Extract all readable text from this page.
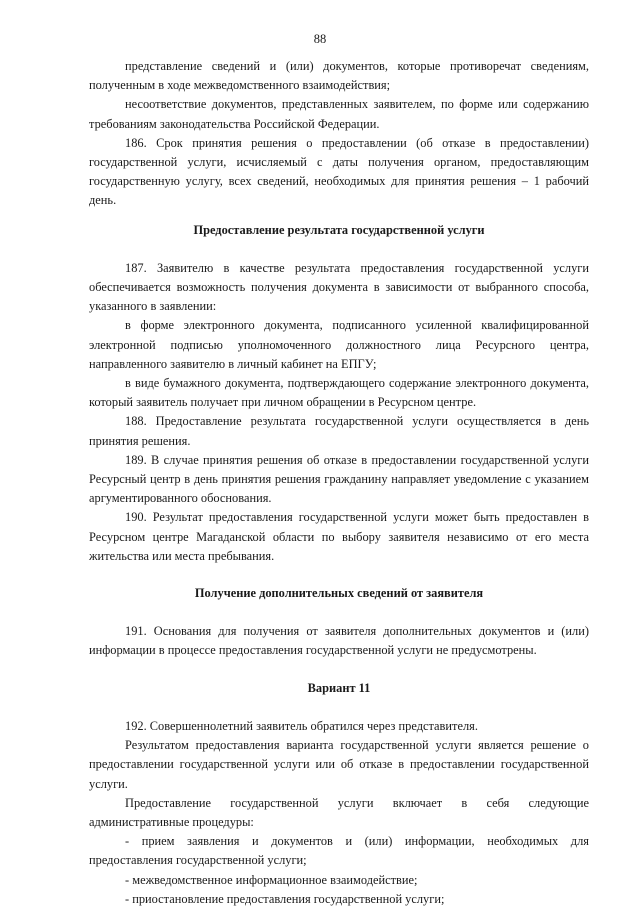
88

представление сведений и (или) документов, которые противоречат сведениям, полученным в ходе межведомственного взаимодействия;

несоответствие документов, представленных заявителем, по форме или содержанию требованиям законодательства Российской Федерации.

186. Срок принятия решения о предоставлении (об отказе в предоставлении) государственной услуги, исчисляемый с даты получения органом, предоставляющим государственную услугу, всех сведений, необходимых для принятия решения – 1 рабочий день.

Предоставление результата государственной услуги

187. Заявителю в качестве результата предоставления государственной услуги обеспечивается возможность получения документа в зависимости от выбранного способа, указанного в заявлении:

в форме электронного документа, подписанного усиленной квалифицированной электронной подписью уполномоченного должностного лица Ресурсного центра, направленного заявителю в личный кабинет на ЕПГУ;

в виде бумажного документа, подтверждающего содержание электронного документа, который заявитель получает при личном обращении в Ресурсном центре.

188. Предоставление результата государственной услуги осуществляется в день принятия решения.

189. В случае принятия решения об отказе в предоставлении государственной услуги Ресурсный центр в день принятия решения гражданину направляет уведомление с указанием аргументированного обоснования.

190. Результат предоставления государственной услуги может быть предоставлен в Ресурсном центре Магаданской области по выбору заявителя независимо от его места жительства или места пребывания.

Получение дополнительных сведений от заявителя

191. Основания для получения от заявителя дополнительных документов и (или) информации в процессе предоставления государственной услуги не предусмотрены.

Вариант 11

192. Совершеннолетний заявитель обратился через представителя.

Результатом предоставления варианта государственной услуги является решение о предоставлении государственной услуги или об отказе в предоставлении государственной услуги.

Предоставление государственной услуги включает в себя следующие административные процедуры:

- прием заявления и документов и (или) информации, необходимых для предоставления государственной услуги;

- межведомственное информационное взаимодействие;

- приостановление предоставления государственной услуги;
